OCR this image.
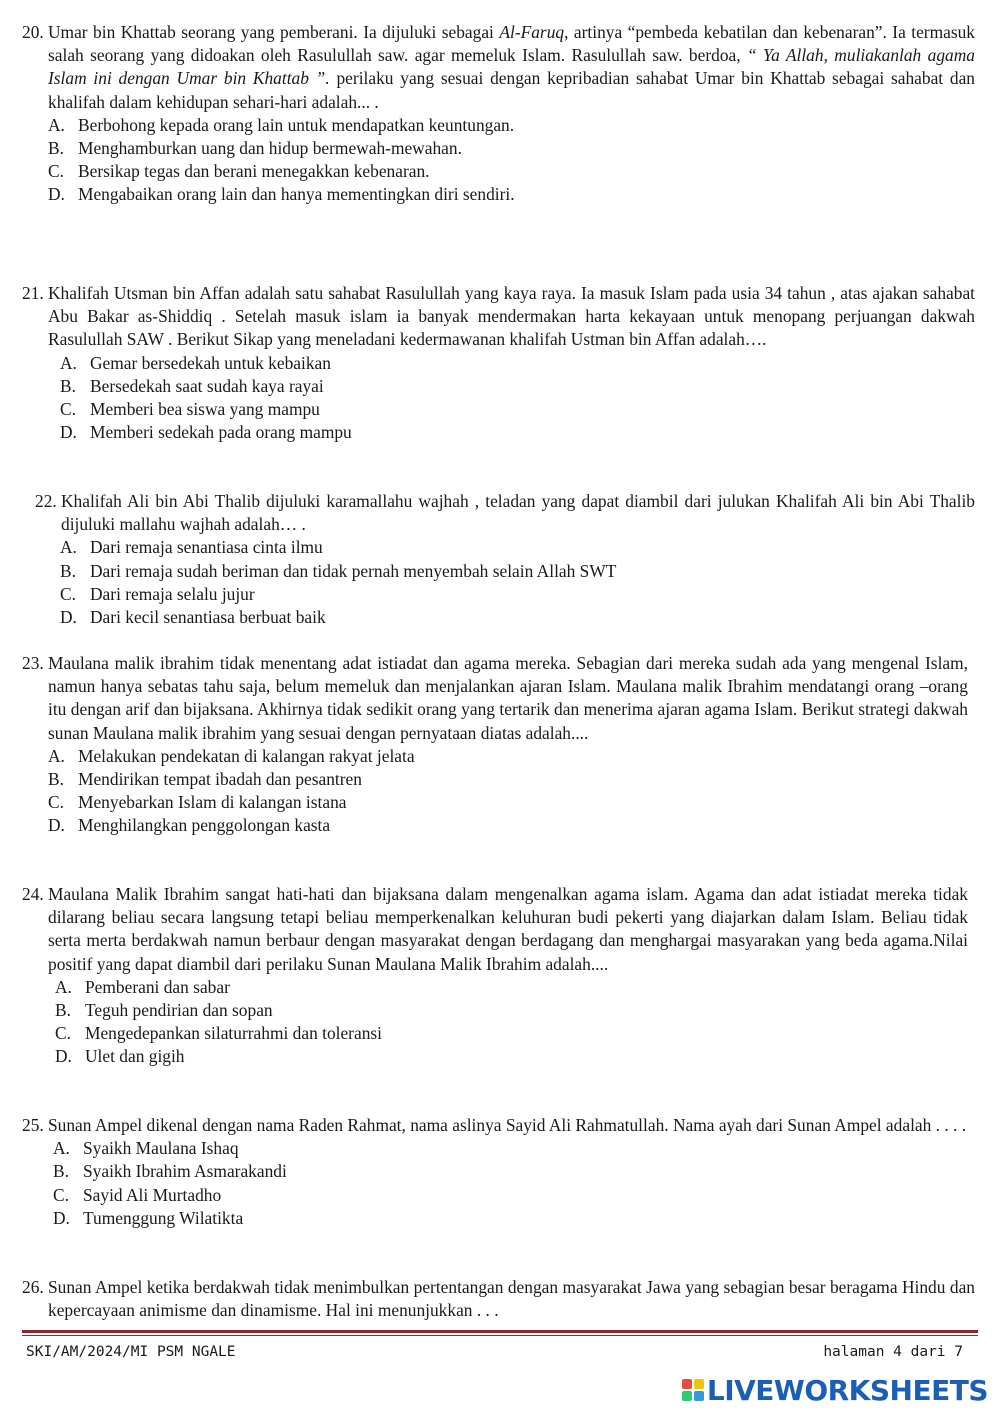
20. Umar bin Khattab seorang yang pemberani. Ia dijuluki sebagai Al-Faruq, artinya “pembeda kebatilan dan kebenaran”. Ia termasuk salah seorang yang didoakan oleh Rasulullah saw. agar memeluk Islam. Rasulullah saw. berdoa, “ Ya Allah, muliakanlah agama Islam ini dengan Umar bin Khattab ”. perilaku yang sesuai dengan kepribadian sahabat Umar bin Khattab sebagai sahabat dan khalifah dalam kehidupan sehari-hari adalah... .
A. Berbohong kepada orang lain untuk mendapatkan keuntungan.
B. Menghamburkan uang dan hidup bermewah-mewahan.
C. Bersikap tegas dan berani menegakkan kebenaran.
D. Mengabaikan orang lain dan hanya mementingkan diri sendiri.
21. Khalifah Utsman bin Affan adalah satu sahabat Rasulullah yang kaya raya. Ia masuk Islam pada usia 34 tahun , atas ajakan sahabat Abu Bakar as-Shiddiq . Setelah masuk islam ia banyak mendermakan harta kekayaan untuk menopang perjuangan dakwah Rasulullah SAW . Berikut Sikap yang meneladani kedermawanan khalifah Ustman bin Affan adalah….
A. Gemar bersedekah untuk kebaikan
B. Bersedekah saat sudah kaya rayai
C. Memberi bea siswa yang mampu
D. Memberi sedekah pada orang mampu
22. Khalifah Ali bin Abi Thalib dijuluki karamallahu wajhah , teladan yang dapat diambil dari julukan Khalifah Ali bin Abi Thalib dijuluki mallahu wajhah adalah… .
A. Dari remaja senantiasa cinta ilmu
B. Dari remaja sudah beriman dan tidak pernah menyembah selain Allah SWT
C. Dari remaja selalu jujur
D. Dari kecil senantiasa berbuat baik
23. Maulana malik ibrahim tidak menentang adat istiadat dan agama mereka. Sebagian dari mereka sudah ada yang mengenal Islam, namun hanya sebatas tahu saja, belum memeluk dan menjalankan ajaran Islam. Maulana malik Ibrahim mendatangi orang –orang itu dengan arif dan bijaksana. Akhirnya tidak sedikit orang yang tertarik dan menerima ajaran agama Islam. Berikut strategi dakwah sunan Maulana malik ibrahim yang sesuai dengan pernyataan diatas adalah....
A. Melakukan pendekatan di kalangan rakyat jelata
B. Mendirikan tempat ibadah dan pesantren
C. Menyebarkan Islam di kalangan istana
D. Menghilangkan penggolongan kasta
24. Maulana Malik Ibrahim sangat hati-hati dan bijaksana dalam mengenalkan agama islam. Agama dan adat istiadat mereka tidak dilarang beliau secara langsung tetapi beliau memperkenalkan keluhuran budi pekerti yang diajarkan dalam Islam. Beliau tidak serta merta berdakwah namun berbaur dengan masyarakat dengan berdagang dan menghargai masyarakan yang beda agama.Nilai positif yang dapat diambil dari perilaku Sunan Maulana Malik Ibrahim adalah....
A. Pemberani dan sabar
B. Teguh pendirian dan sopan
C. Mengedepankan silaturrahmi dan toleransi
D. Ulet dan gigih
25. Sunan Ampel dikenal dengan nama Raden Rahmat, nama aslinya Sayid Ali Rahmatullah. Nama ayah dari Sunan Ampel adalah . . . .
A. Syaikh Maulana Ishaq
B. Syaikh Ibrahim Asmarakandi
C. Sayid Ali Murtadho
D. Tumenggung Wilatikta
26. Sunan Ampel ketika berdakwah tidak menimbulkan pertentangan dengan masyarakat Jawa yang sebagian besar beragama Hindu dan kepercayaan animisme dan dinamisme. Hal ini menunjukkan . . .
SKI/AM/2024/MI PSM NGALE	halaman 4 dari 7
LIVEWORKSHEETS
